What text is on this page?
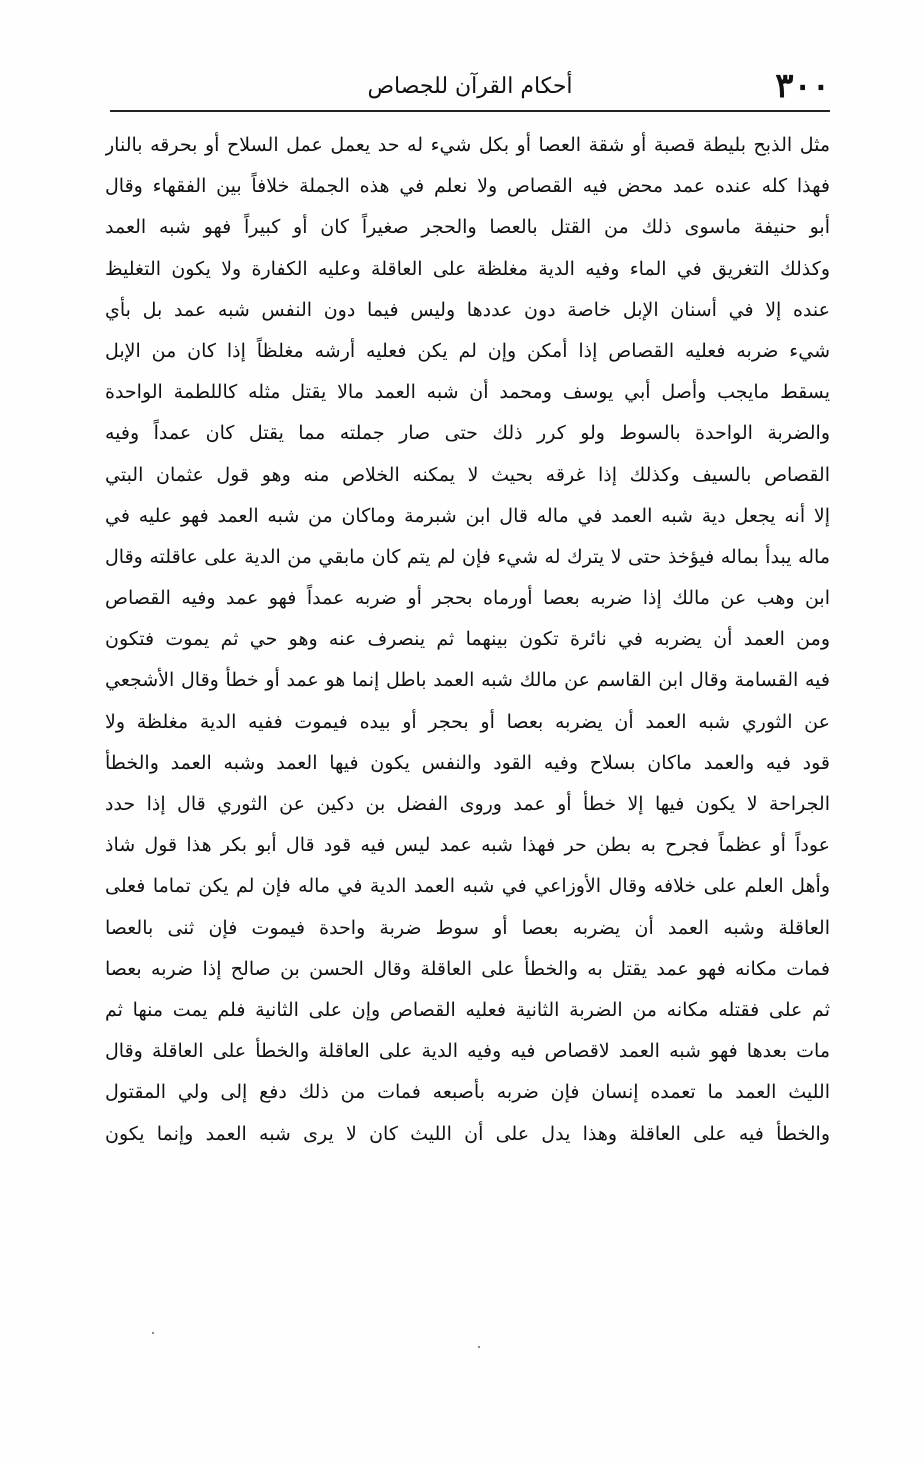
٣٠٠
أحكام القرآن للجصاص
مثل الذبح بليطة قصبة أو شقة العصا أو بكل شيء له حد يعمل عمل السلاح أو بحرقه بالنار
فهذا كله عنده عمد محض فيه القصاص ولا نعلم في هذه الجملة خلافاً بين الفقهاء وقال
أبو حنيفة ماسوى ذلك من القتل بالعصا والحجر صغيراً كان أو كبيراً فهو شبه العمد
وكذلك التغريق في الماء وفيه الدية مغلظة على العاقلة وعليه الكفارة ولا يكون التغليظ
عنده إلا في أسنان الإبل خاصة دون عددها وليس فيما دون النفس شبه عمد بل بأي
شيء ضربه فعليه القصاص إذا أمكن وإن لم يكن فعليه أرشه مغلظاً إذا كان من الإبل
يسقط مايجب وأصل أبي يوسف ومحمد أن شبه العمد مالا يقتل مثله كاللطمة الواحدة
والضربة الواحدة بالسوط ولو كرر ذلك حتى صار جملته مما يقتل كان عمداً وفيه
القصاص بالسيف وكذلك إذا غرقه بحيث لا يمكنه الخلاص منه وهو قول عثمان البتي
إلا أنه يجعل دية شبه العمد في ماله قال ابن شبرمة وماكان من شبه العمد فهو عليه في
ماله يبدأ بماله فيؤخذ حتى لا يترك له شيء فإن لم يتم كان مابقي من الدية على عاقلته وقال
ابن وهب عن مالك إذا ضربه بعصا أورماه بحجر أو ضربه عمداً فهو عمد وفيه القصاص
ومن العمد أن يضربه في نائرة تكون بينهما ثم ينصرف عنه وهو حي ثم يموت فتكون
فيه القسامة وقال ابن القاسم عن مالك شبه العمد باطل إنما هو عمد أو خطأ وقال الأشجعي
عن الثوري شبه العمد أن يضربه بعصا أو بحجر أو بيده فيموت ففيه الدية مغلظة ولا
قود فيه والعمد ماكان بسلاح وفيه القود والنفس يكون فيها العمد وشبه العمد والخطأ
الجراحة لا يكون فيها إلا خطأ أو عمد وروى الفضل بن دكين عن الثوري قال إذا حدد
عوداً أو عظماً فجرح به بطن حر فهذا شبه عمد ليس فيه قود قال أبو بكر هذا قول شاذ
وأهل العلم على خلافه وقال الأوزاعي في شبه العمد الدية في ماله فإن لم يكن تماما فعلى
العاقلة وشبه العمد أن يضربه بعصا أو سوط ضربة واحدة فيموت فإن ثنى بالعصا
فمات مكانه فهو عمد يقتل به والخطأ على العاقلة وقال الحسن بن صالح إذا ضربه بعصا
ثم على فقتله مكانه من الضربة الثانية فعليه القصاص وإن على الثانية فلم يمت منها ثم
مات بعدها فهو شبه العمد لاقصاص فيه وفيه الدية على العاقلة والخطأ على العاقلة وقال
الليث العمد ما تعمده إنسان فإن ضربه بأصبعه فمات من ذلك دفع إلى ولي المقتول
والخطأ فيه على العاقلة وهذا يدل على أن الليث كان لا يرى شبه العمد وإنما يكون
